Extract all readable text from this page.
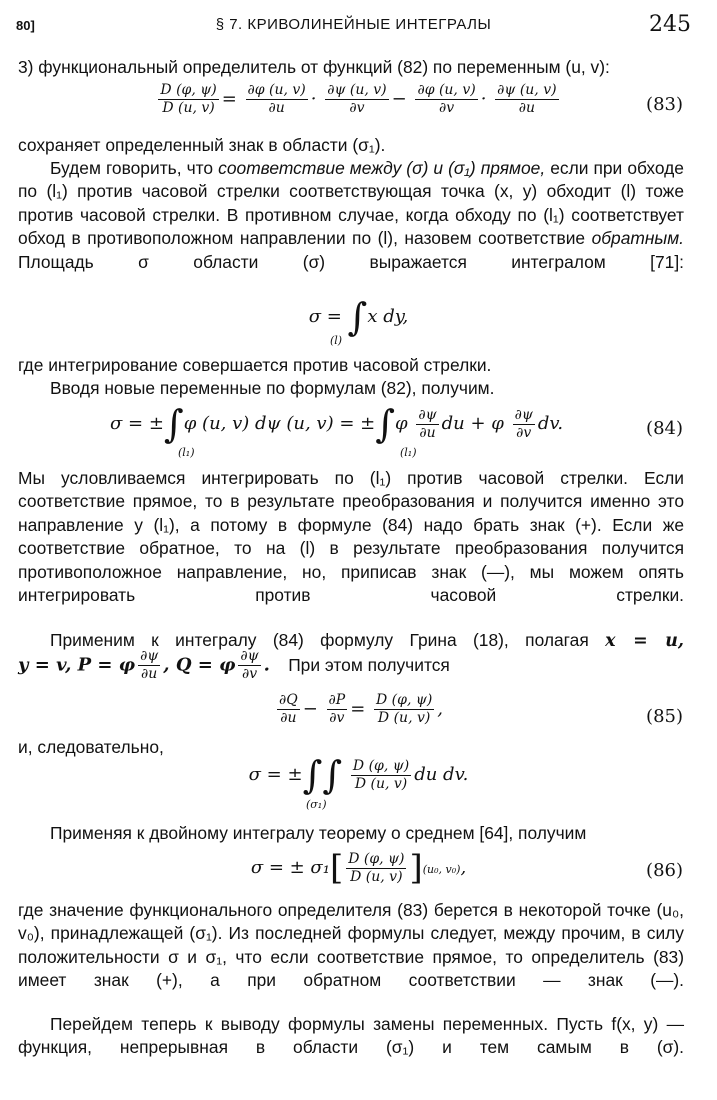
80]	§ 7. КРИВОЛИНЕЙНЫЕ ИНТЕГРАЛЫ	245
3) функциональный определитель от функций (82) по переменным (u, v):
$\frac{D (\varphi, \psi)}{D (u, v)} = \frac{\partial\varphi (u, v)}{\partial u} \cdot \frac{\partial\psi (u, v)}{\partial v} - \frac{\partial\varphi (u, v)}{\partial v} \cdot \frac{\partial\psi (u, v)}{\partial u}$	(83)
сохраняет определенный знак в области (σ₁).
Будем говорить, что соответствие между (σ) и (σ₁) прямое, если при обходе по (l₁) против часовой стрелки соответствующая точка (x, y) обходит (l) тоже против часовой стрелки. В противном случае, когда обходу по (l₁) соответствует обход в противоположном направлении по (l), назовем соответствие обратным. Площадь σ области (σ) выражается интегралом [71]:
σ = ∫x dy,
(l)
где интегрирование совершается против часовой стрелки.
Вводя новые переменные по формулам (82), получим.
σ = ±∫φ (u, v) dψ (u, $v) = \pm\int\varphi \frac{\partial\psi}{\partial u}$ du + φ $\frac{\partial\psi}{\partial v}$ dv.
(l₁)	(l₁)
(84)
Мы условливаемся интегрировать по (l₁) против часовой стрелки. Если соответствие прямое, то в результате преобразования и получится именно это направление у (l₁), а потому в формуле (84) надо брать знак (+). Если же соответствие обратное, то на (l) в результате преобразования получится противоположное направление, но, приписав знак (—), мы можем опять интегрировать против часовой стрелки.
Применим к интегралу (84) формулу Грина (18), полагая x = u,
y = v, P = φ $\frac{\partial\psi}{\partial u}$ , Q = φ $\frac{\partial\psi}{\partial v}$ . При этом получится
$\frac{\partial Q}{\partial u} - \frac{\partial P}{\partial v} = \frac{D (\varphi, \psi)}{D (u, v)}$ ,	(85)
и, следовательно,
σ = ±∫∫ $\frac{D (\varphi, \psi)}{D (u, v)}$ du dv.
(σ₁)
Применяя к двойному интегралу теорему о среднем [64], получим
σ = ± $\sigma_1[ \frac{D (\varphi, \psi)}{D (u, v)} ](u_0$, v₀),	(86)
где значение функционального определителя (83) берется в некоторой точке (u₀, v₀), принадлежащей (σ₁). Из последней формулы следует, между прочим, в силу положительности σ и σ₁, что если соответствие прямое, то определитель (83) имеет знак (+), а при обратном соответствии — знак (—).
Перейдем теперь к выводу формулы замены переменных. Пусть f(x, y) — функция, непрерывная в области (σ₁) и тем самым в (σ).
